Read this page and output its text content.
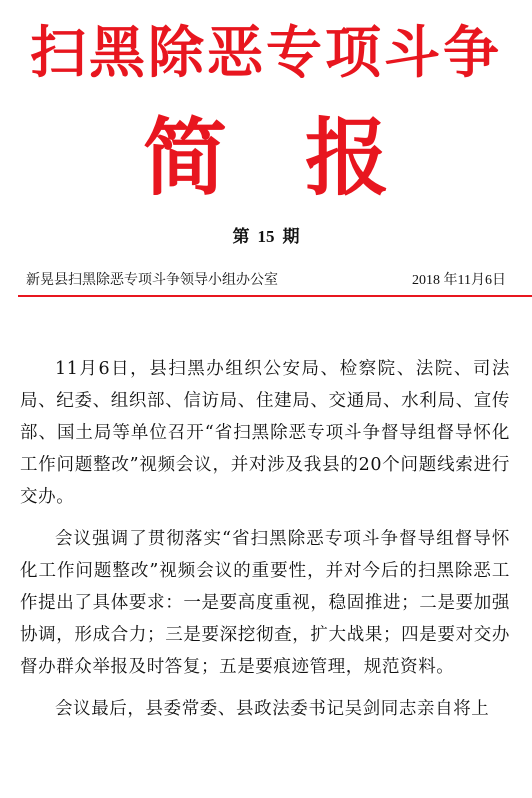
扫黑除恶专项斗争
简报
第 15 期
新晃县扫黑除恶专项斗争领导小组办公室	2018 年11月6日

11月6日，县扫黑办组织公安局、检察院、法院、司法局、纪委、组织部、信访局、住建局、交通局、水利局、宣传部、国土局等单位召开“省扫黑除恶专项斗争督导组督导怀化工作问题整改”视频会议，并对涉及我县的20个问题线索进行交办。

会议强调了贯彻落实“省扫黑除恶专项斗争督导组督导怀化工作问题整改”视频会议的重要性，并对今后的扫黑除恶工作提出了具体要求：一是要高度重视，稳固推进；二是要加强协调，形成合力；三是要深挖彻查，扩大战果；四是要对交办督办群众举报及时答复；五是要痕迹管理，规范资料。

会议最后，县委常委、县政法委书记吴剑同志亲自将上
